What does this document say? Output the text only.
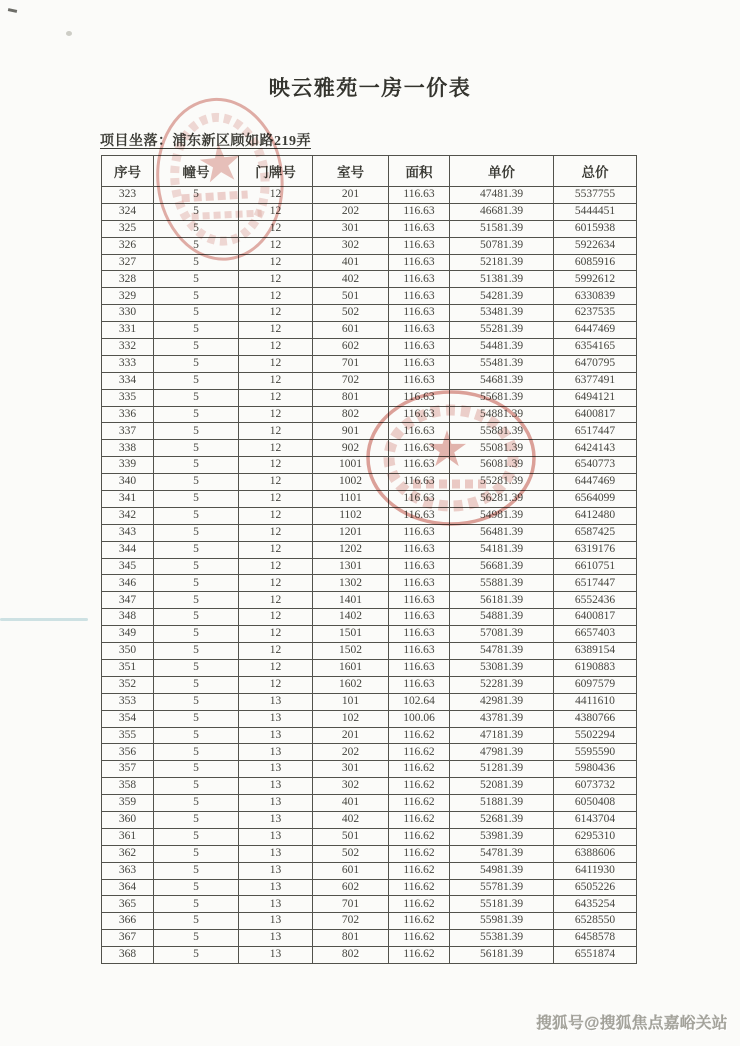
映云雅苑一房一价表
项目坐落：浦东新区顾如路219弄
序号	幢号	门牌号	室号	面积	单价	总价
323	5	12	201	116.63	47481.39	5537755
324	5	12	202	116.63	46681.39	5444451
325	5	12	301	116.63	51581.39	6015938
326	5	12	302	116.63	50781.39	5922634
327	5	12	401	116.63	52181.39	6085916
328	5	12	402	116.63	51381.39	5992612
329	5	12	501	116.63	54281.39	6330839
330	5	12	502	116.63	53481.39	6237535
331	5	12	601	116.63	55281.39	6447469
332	5	12	602	116.63	54481.39	6354165
333	5	12	701	116.63	55481.39	6470795
334	5	12	702	116.63	54681.39	6377491
335	5	12	801	116.63	55681.39	6494121
336	5	12	802	116.63	54881.39	6400817
337	5	12	901	116.63	55881.39	6517447
338	5	12	902	116.63	55081.39	6424143
339	5	12	1001	116.63	56081.39	6540773
340	5	12	1002	116.63	55281.39	6447469
341	5	12	1101	116.63	56281.39	6564099
342	5	12	1102	116.63	54981.39	6412480
343	5	12	1201	116.63	56481.39	6587425
344	5	12	1202	116.63	54181.39	6319176
345	5	12	1301	116.63	56681.39	6610751
346	5	12	1302	116.63	55881.39	6517447
347	5	12	1401	116.63	56181.39	6552436
348	5	12	1402	116.63	54881.39	6400817
349	5	12	1501	116.63	57081.39	6657403
350	5	12	1502	116.63	54781.39	6389154
351	5	12	1601	116.63	53081.39	6190883
352	5	12	1602	116.63	52281.39	6097579
353	5	13	101	102.64	42981.39	4411610
354	5	13	102	100.06	43781.39	4380766
355	5	13	201	116.62	47181.39	5502294
356	5	13	202	116.62	47981.39	5595590
357	5	13	301	116.62	51281.39	5980436
358	5	13	302	116.62	52081.39	6073732
359	5	13	401	116.62	51881.39	6050408
360	5	13	402	116.62	52681.39	6143704
361	5	13	501	116.62	53981.39	6295310
362	5	13	502	116.62	54781.39	6388606
363	5	13	601	116.62	54981.39	6411930
364	5	13	602	116.62	55781.39	6505226
365	5	13	701	116.62	55181.39	6435254
366	5	13	702	116.62	55981.39	6528550
367	5	13	801	116.62	55381.39	6458578
368	5	13	802	116.62	56181.39	6551874
搜狐号@搜狐焦点嘉峪关站
